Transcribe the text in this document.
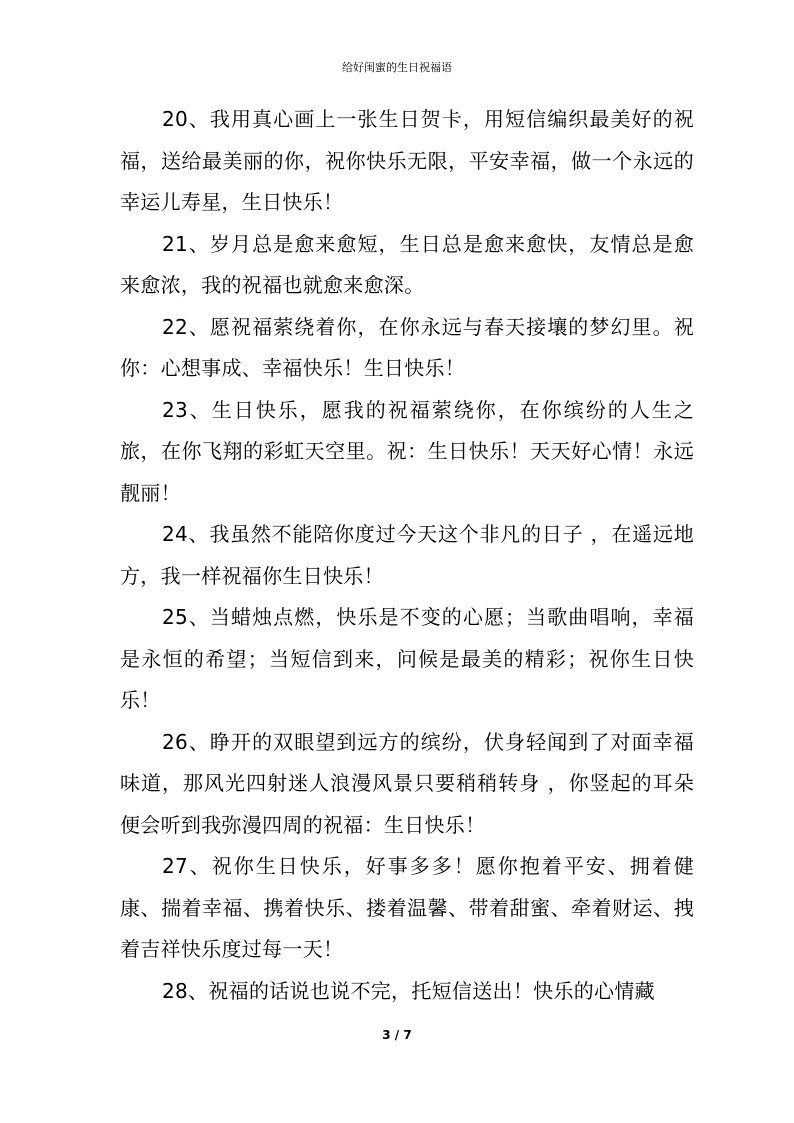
给好闺蜜的生日祝福语

20、我用真心画上一张生日贺卡，用短信编织最美好的祝福，送给最美丽的你，祝你快乐无限，平安幸福，做一个永远的幸运儿寿星，生日快乐！

21、岁月总是愈来愈短，生日总是愈来愈快，友情总是愈来愈浓，我的祝福也就愈来愈深。

22、愿祝福萦绕着你，在你永远与春天接壤的梦幻里。祝你：心想事成、幸福快乐！生日快乐！

23、生日快乐，愿我的祝福萦绕你，在你缤纷的人生之旅，在你飞翔的彩虹天空里。祝：生日快乐！天天好心情！永远靓丽！

24、我虽然不能陪你度过今天这个非凡的日子 ，在遥远地方，我一样祝福你生日快乐！

25、当蜡烛点燃，快乐是不变的心愿；当歌曲唱响，幸福是永恒的希望；当短信到来，问候是最美的精彩；祝你生日快乐！

26、睁开的双眼望到远方的缤纷，伏身轻闻到了对面幸福味道，那风光四射迷人浪漫风景只要稍稍转身 ，你竖起的耳朵便会听到我弥漫四周的祝福：生日快乐！

27、祝你生日快乐，好事多多！愿你抱着平安、拥着健康、揣着幸福、携着快乐、搂着温馨、带着甜蜜、牵着财运、拽着吉祥快乐度过每一天！

28、祝福的话说也说不完，托短信送出！快乐的心情藏

3 / 7
